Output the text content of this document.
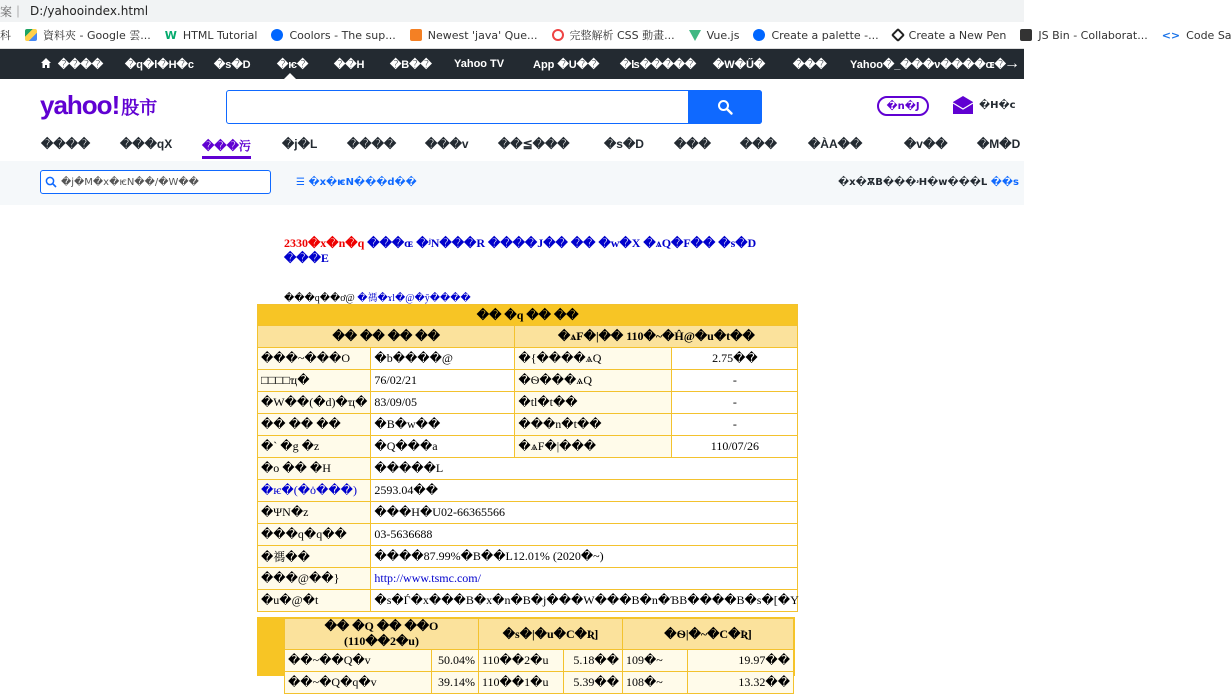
案｜ D:/yahooindex.html
科	資料夾 - Google 雲... W HTML Tutorial	Coolors - The sup...	Newest 'java' Que...	完整解析 CSS 動畫...	Vue.js	Create a palette -...	Create a New Pen	JS Bin - Collaborat... <> Code Sa
���� �q�l�H�c �s�D �ѥ� ��H �B�� Yahoo TV	App �U�� �ʪ����� �W�Ű�	��� Yahoo�_���ν����ɶ�
→
yahoo! 股市	�n�J	�H�c
���� ���qX ���污	�j�L ���� ���v ��≦���	�s�D	��� ���	�ÀA��	�v�� �M�D
�j�M�x�ѥN��/�W��	☰ �x�ѥN���d��	�x�ѪB���ۥH�w���L ��s
2330�x�n�q ���ɶ �ʲN���R ����J�� �� �w�X �ѧQ�F�� �s�D ���E
���q��ơ@ �禡�ɤl�@�ӯ����
�� �q �� ��			
�� �� �� ��		�ѧF�|�� 110�~�Ĥ@�u�t��	
���~���O	�b����@	�{����ѧQ	2.75��
□□□□ҵ�	76/02/21	�Ѳ���ѧQ	-
�W��(�d)�ҵ�	83/09/05	�tl�t��	-
�� �� ��	�B�w��	���n�t��	-
�ˋ �g �z	�Q���a	�ѧF�|���	110/07/26
�o �� �H	�����L		
�ѥ�(�ȯ���)	2593.04��		
�ΨN�z	���H�U02-66365566		
���q�q��	03-5636688		
�禡��	����87.99%�B��L12.01% (2020�~)		
���@��}	http://www.tsmc.com/		
�u�@�t	�s�Ѓ�x���B�x�n�B�j���W���B�n�ƁB����B�s�[�Y		
�� �Q �� ��O (110��2�u)		�s�|�u�C�Ʀ]		�Ѳ|�~�C�Ʀ]	
��~��Q�v	50.04%	110��2�u	5.18��	109�~	19.97��
��~�Q�q�v	39.14%	110��1�u	5.39��	108�~	13.32��
